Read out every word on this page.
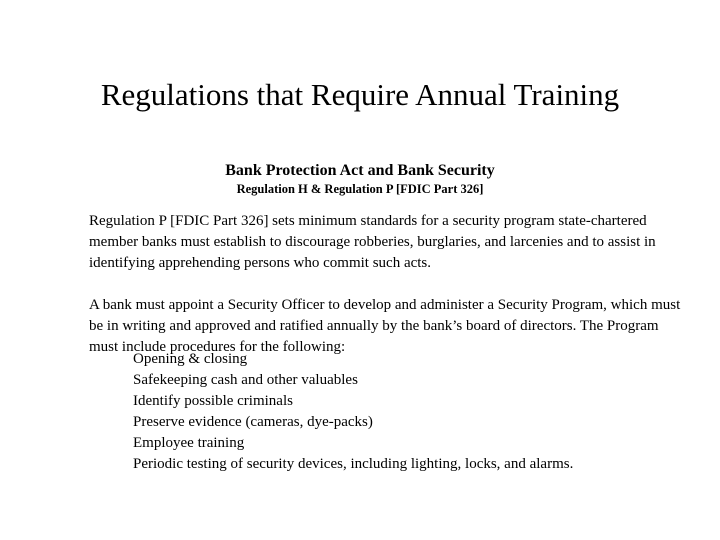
Regulations that Require Annual Training
Bank Protection Act and Bank Security
Regulation H & Regulation P [FDIC Part 326]

Regulation P [FDIC Part 326] sets minimum standards for a security program state-chartered member banks must establish to discourage robberies, burglaries, and larcenies and to assist in identifying apprehending persons who commit such acts.

A bank must appoint a Security Officer to develop and administer a Security Program, which must be in writing and approved and ratified annually by the bank’s board of directors. The Program must include procedures for the following:

Opening & closing
Safekeeping cash and other valuables
Identify possible criminals
Preserve evidence (cameras, dye-packs)
Employee training
Periodic testing of security devices, including lighting, locks, and alarms.
